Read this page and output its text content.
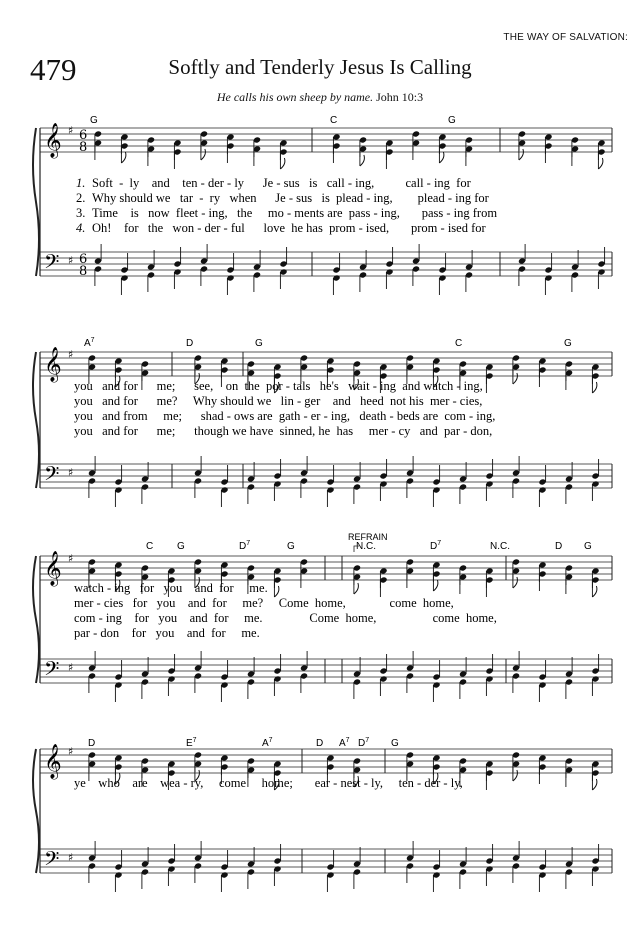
THE WAY OF SALVATION:
479	Softly and Tenderly Jesus Is Calling
He calls his own sheep by name. John 10:3
𝄞
𝄢
♯
♯
6
8
6
8
G	C	G
1. Soft  -  ly    and    ten - der - ly      Je - sus   is   call - ing,          call - ing  for
2. Why should we   tar  -  ry   when      Je - sus   is  plead - ing,        plead - ing for
3. Time    is   now  fleet - ing,   the     mo - ments are  pass - ing,       pass - ing from
4. Oh!    for   the   won - der - ful      love  he has  prom - ised,       prom - ised for
𝄞
𝄢
♯
♯
$A^7$	D	G	C	G
you   and for      me;      see,    on  the  por - tals   he's   wait - ing  and watch - ing,
you   and for      me?     Why should we   lin - ger    and   heed  not his  mer - cies,
you   and from     me;      shad - ows are  gath - er - ing,   death - beds are  com - ing,
you   and for      me;      though we have  sinned, he  has     mer - cy   and  par - don,
𝄞
𝄢
♯
♯
C G	$D^7$	G	N.C.	$D^7$	N.C.	D G
REFRAIN
watch - ing   for   you    and  for     me.
mer - cies   for   you    and  for     me?     Come  home,              come  home,
com - ing    for   you    and  for     me.               Come  home,                  come  home,
par - don    for   you    and  for     me.
𝄞
𝄢
♯
♯
D	$E^7$	$A^7$	D $A^7$ $D^7$ G
ye    who    are    wea - ry,     come     home;       ear - nest - ly,     ten - der - ly,
